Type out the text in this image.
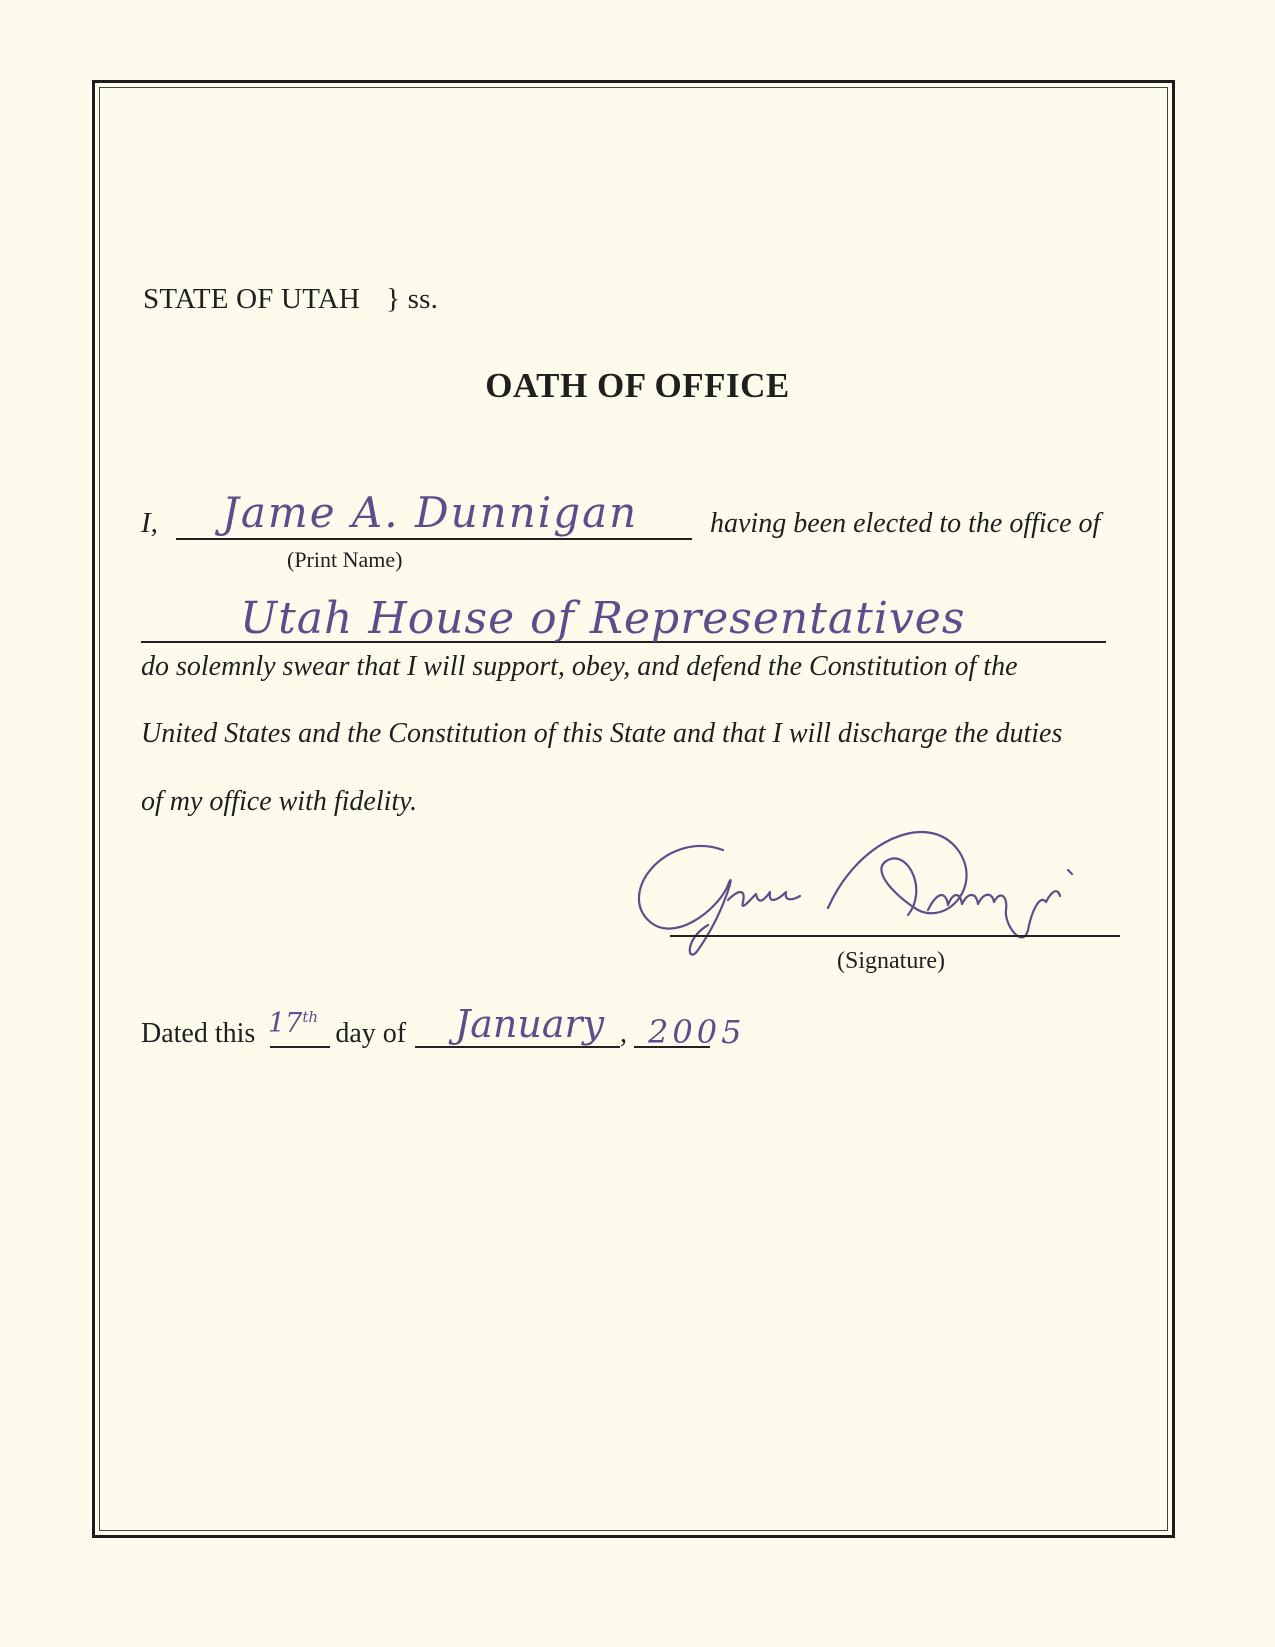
STATE OF UTAH } ss.
OATH OF OFFICE
I, Jame A. Dunnigan	having been elected to the office of
(Print Name)
Utah House of Representatives
do solemnly swear that I will support, obey, and defend the Constitution of the
United States and the Constitution of this State and that I will discharge the duties
of my office with fidelity.
(Signature)
Dated this	day of
17th	January , 2005
